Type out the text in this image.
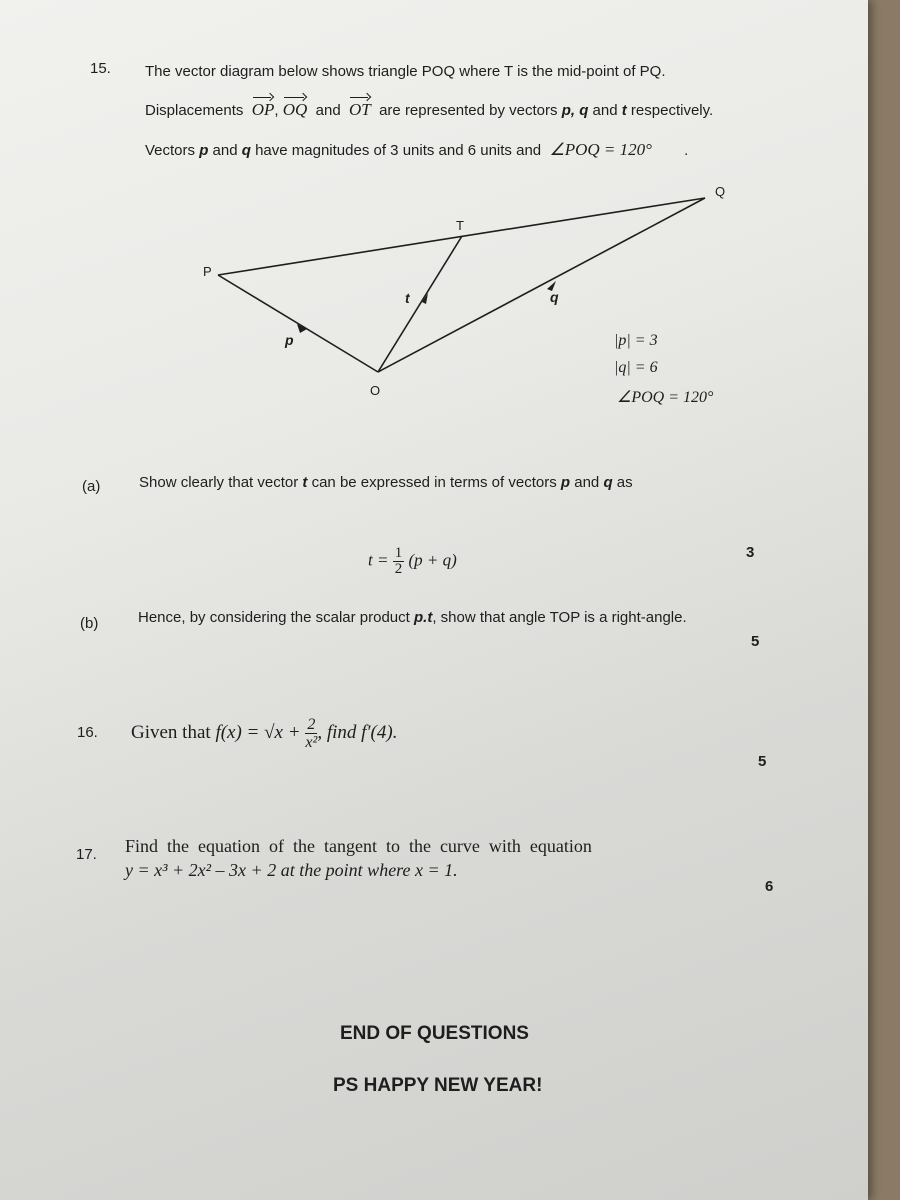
15. The vector diagram below shows triangle POQ where T is the mid-point of PQ.
Displacements OP, OQ and OT are represented by vectors p, q and t respectively.
Vectors p and q have magnitudes of 3 units and 6 units and ∠POQ = 120° .
P
Q
T
O
p
q
t
|p| = 3
|q| = 6
∠POQ = 120°
(a)	Show clearly that vector t can be expressed in terms of vectors p and q as
$t = \frac{1}{2} (p + q)$	3
(b)	Hence, by considering the scalar product p.t, show that angle TOP is a right-angle.
5
16. Given that $f(x) = √x + \frac{2}{\text{x²}}$ , find f′(4).
5
17. Find  the  equation  of  the  tangent  to  the  curve  with  equation
y = x³ + 2x² – 3x + 2 at the point where x = 1.
6
END OF QUESTIONS
PS HAPPY NEW YEAR!
